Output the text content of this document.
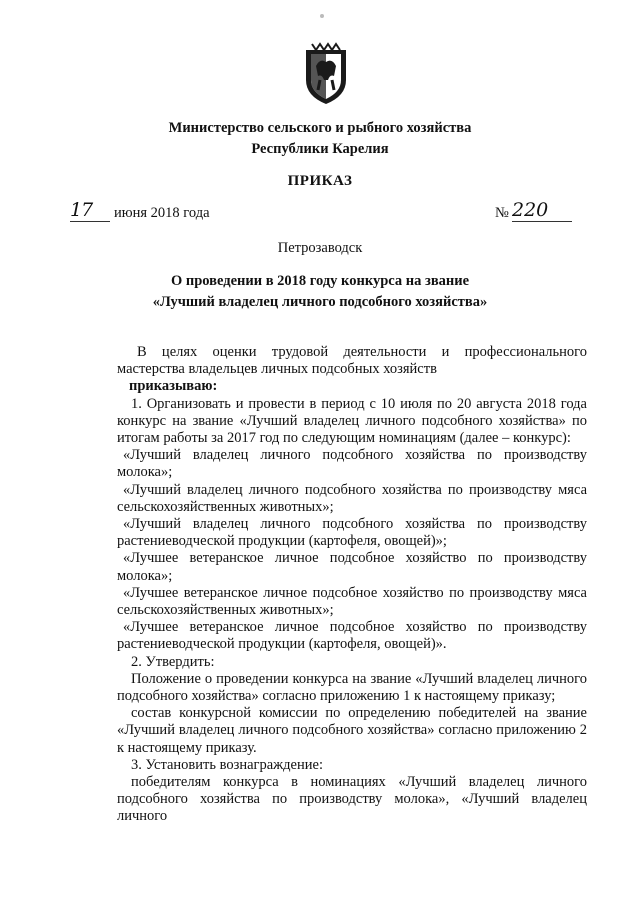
Министерство сельского и рыбного хозяйства
Республики Карелия
ПРИКАЗ
17	июня 2018 года	№ 220
Петрозаводск
О проведении в 2018 году конкурса на звание
«Лучший владелец личного подсобного хозяйства»

В целях оценки трудовой деятельности и профессионального мастерства владельцев личных подсобных хозяйств

приказываю:

1. Организовать и провести в период с 10 июля по 20 августа 2018 года конкурс на звание «Лучший владелец личного подсобного хозяйства» по итогам работы за 2017 год по следующим номинациям (далее – конкурс):

«Лучший владелец личного подсобного хозяйства по производству молока»;

«Лучший владелец личного подсобного хозяйства по производству мяса сельскохозяйственных животных»;

«Лучший владелец личного подсобного хозяйства по производству растениеводческой продукции (картофеля, овощей)»;

«Лучшее ветеранское личное подсобное хозяйство по производству молока»;

«Лучшее ветеранское личное подсобное хозяйство по производству мяса сельскохозяйственных животных»;

«Лучшее ветеранское личное подсобное хозяйство по производству растениеводческой продукции (картофеля, овощей)».

2. Утвердить:

Положение о проведении конкурса на звание «Лучший владелец личного подсобного хозяйства» согласно приложению 1 к настоящему приказу;

состав конкурсной комиссии по определению победителей на звание «Лучший владелец личного подсобного хозяйства» согласно приложению 2 к настоящему приказу.

3. Установить вознаграждение:

победителям конкурса в номинациях «Лучший владелец личного подсобного хозяйства по производству молока», «Лучший владелец личного
